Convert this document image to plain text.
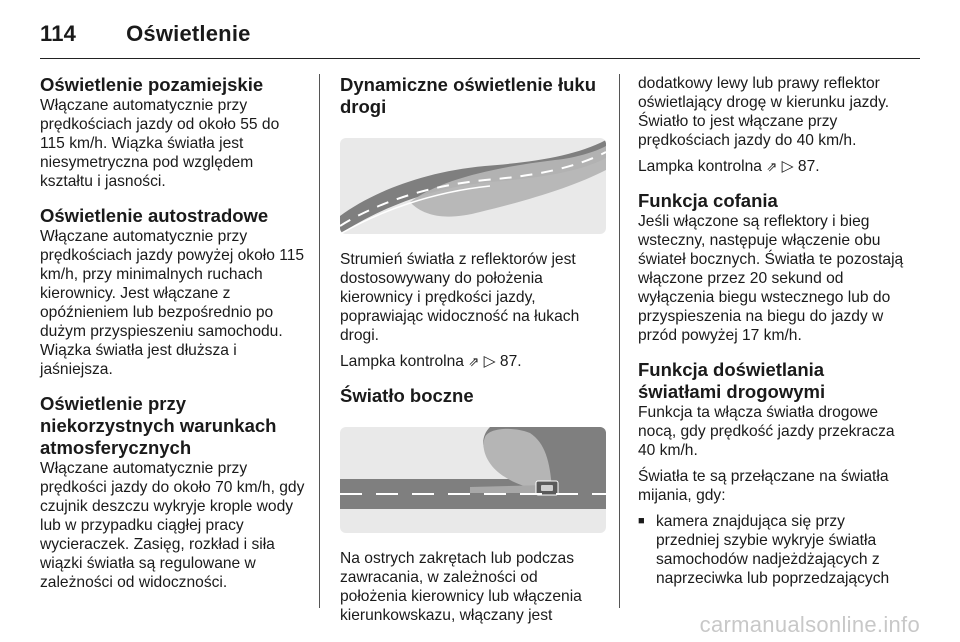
114 Oświetlenie
Oświetlenie pozamiejskie

Włączane automatycznie przy prędkościach jazdy od około 55 do 115 km/h. Wiązka światła jest niesymetryczna pod względem kształtu i jasności.

Oświetlenie autostradowe

Włączane automatycznie przy prędkościach jazdy powyżej około 115 km/h, przy minimalnych ruchach kierownicy. Jest włączane z opóźnieniem lub bezpośrednio po dużym przyspieszeniu samochodu. Wiązka światła jest dłuższa i jaśniejsza.

Oświetlenie przy niekorzystnych warunkach atmosferycznych

Włączane automatycznie przy prędkości jazdy do około 70 km/h, gdy czujnik deszczu wykryje krople wody lub w przypadku ciągłej pracy wycieraczek. Zasięg, rozkład i siła wiązki światła są regulowane w zależności od widoczności.

Dynamiczne oświetlenie łuku drogi

Strumień światła z reflektorów jest dostosowywany do położenia kierownicy i prędkości jazdy, poprawiając widoczność na łukach drogi.

Lampka kontrolna ⇗ ▷ 87.

Światło boczne

Na ostrych zakrętach lub podczas zawracania, w zależności od położenia kierownicy lub włączenia kierunkowskazu, włączany jest

dodatkowy lewy lub prawy reflektor oświetlający drogę w kierunku jazdy. Światło to jest włączane przy prędkościach jazdy do 40 km/h.

Lampka kontrolna ⇗ ▷ 87.

Funkcja cofania

Jeśli włączone są reflektory i bieg wsteczny, następuje włączenie obu świateł bocznych. Światła te pozostają włączone przez 20 sekund od wyłączenia biegu wstecznego lub do przyspieszenia na biegu do jazdy w przód powyżej 17 km/h.

Funkcja doświetlania światłami drogowymi

Funkcja ta włącza światła drogowe nocą, gdy prędkość jazdy przekracza 40 km/h.

Światła te są przełączane na światła mijania, gdy:

■ kamera znajdująca się przy przedniej szybie wykryje światła samochodów nadjeżdżających z naprzeciwka lub poprzedzających
carmanualsonline.info
